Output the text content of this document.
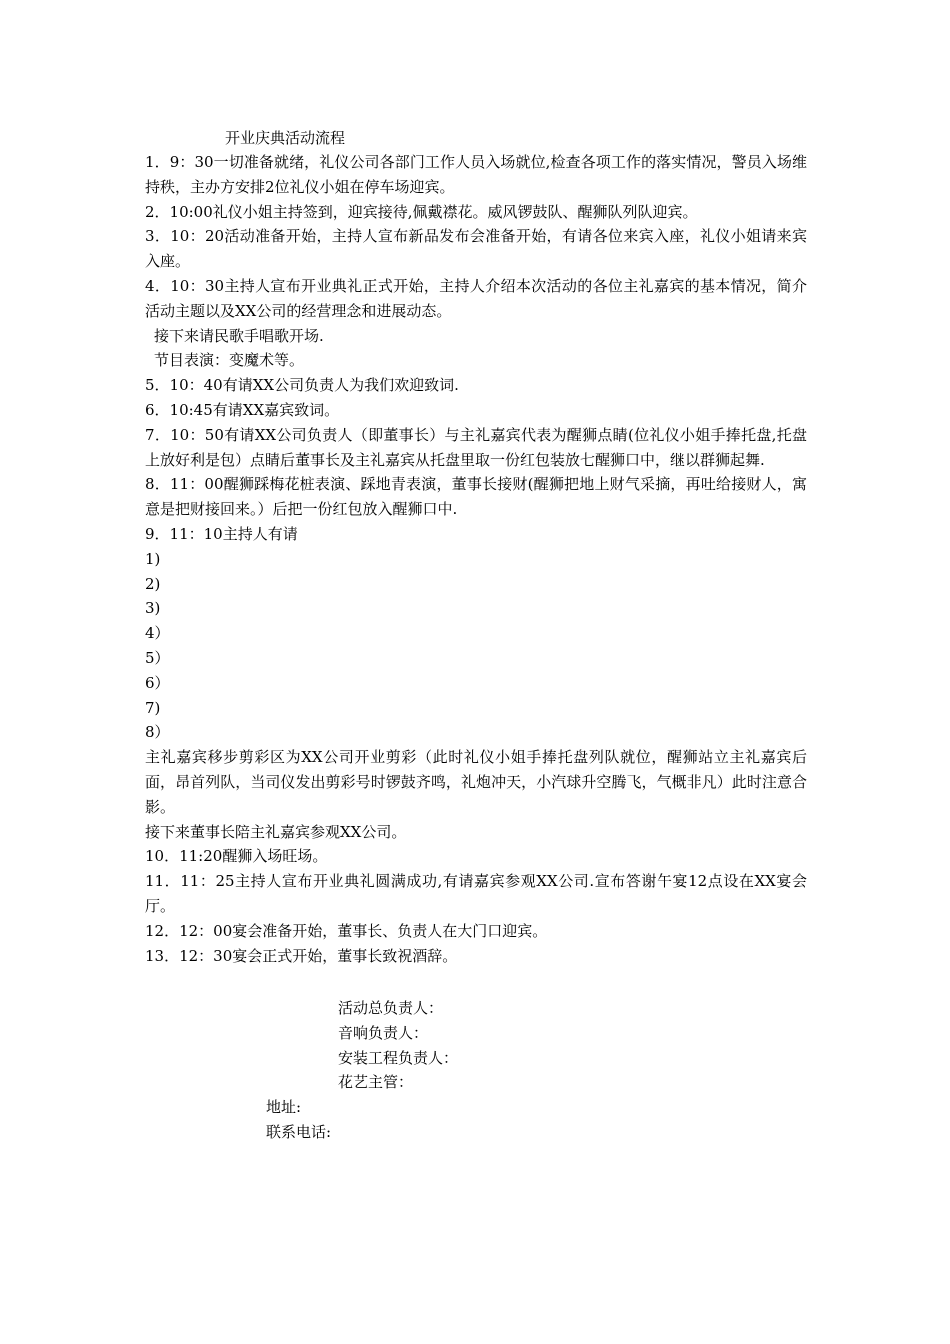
开业庆典活动流程

1．9：30一切准备就绪，礼仪公司各部门工作人员入场就位,检查各项工作的落实情况，警员入场维持秩，主办方安排2位礼仪小姐在停车场迎宾。

2．10:00礼仪小姐主持签到，迎宾接待,佩戴襟花。威风锣鼓队、醒狮队列队迎宾。

3．10：20活动准备开始，主持人宣布新品发布会准备开始，有请各位来宾入座，礼仪小姐请来宾入座。

4．10：30主持人宣布开业典礼正式开始，主持人介绍本次活动的各位主礼嘉宾的基本情况，简介活动主题以及XX公司的经营理念和进展动态。

接下来请民歌手唱歌开场.

节目表演：变魔术等。

5．10：40有请XX公司负责人为我们欢迎致词.

6．10:45有请XX嘉宾致词。

7．10：50有请XX公司负责人（即董事长）与主礼嘉宾代表为醒狮点睛(位礼仪小姐手捧托盘,托盘上放好利是包）点睛后董事长及主礼嘉宾从托盘里取一份红包装放七醒狮口中，继以群狮起舞.

8．11：00醒狮踩梅花桩表演、踩地青表演，董事长接财(醒狮把地上财气采摘，再吐给接财人，寓意是把财接回来。）后把一份红包放入醒狮口中.

9．11：10主持人有请

1)

2)

3)

4）

5）

6）

7)

8）

主礼嘉宾移步剪彩区为XX公司开业剪彩（此时礼仪小姐手捧托盘列队就位，醒狮站立主礼嘉宾后面，昂首列队，当司仪发出剪彩号时锣鼓齐鸣，礼炮冲天，小汽球升空腾飞，气概非凡）此时注意合影。

接下来董事长陪主礼嘉宾参观XX公司。

10．11:20醒狮入场旺场。

11．11：25主持人宣布开业典礼圆满成功,有请嘉宾参观XX公司.宣布答谢午宴12点设在XX宴会厅。

12．12：00宴会准备开始，董事长、负责人在大门口迎宾。

13．12：30宴会正式开始，董事长致祝酒辞。

活动总负责人：

音响负责人：

安装工程负责人：

花艺主管：

地址:

联系电话:
